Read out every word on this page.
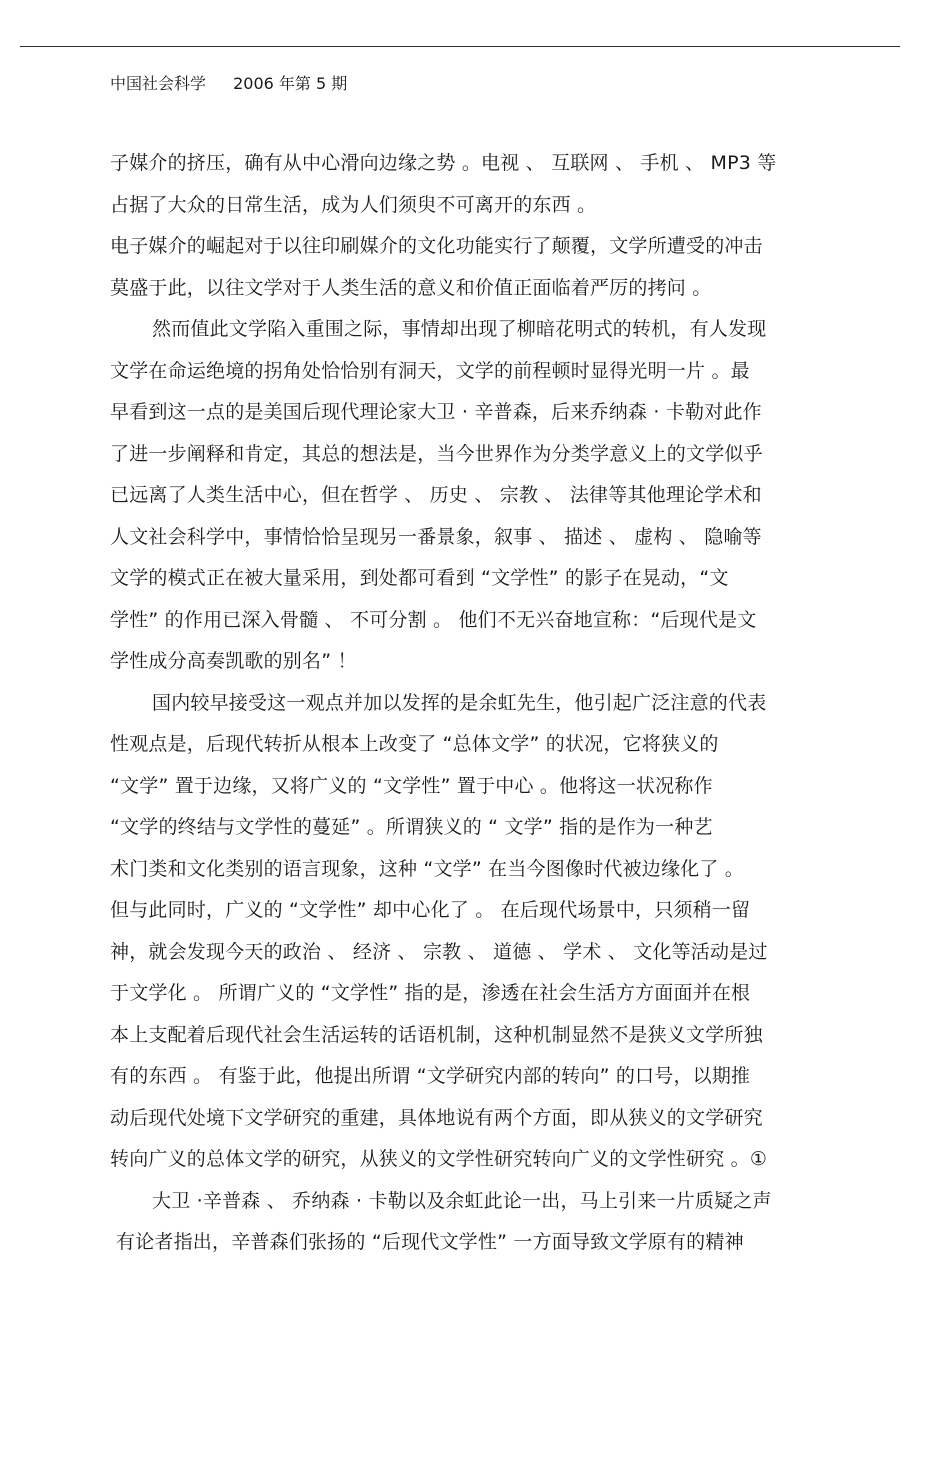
中国社会科学 2006 年第 5 期
子媒介的挤压，确有从中心滑向边缘之势 。电视 、 互联网 、 手机 、 MP3 等
占据了大众的日常生活，成为人们须臾不可离开的东西 。
电子媒介的崛起对于以往印刷媒介的文化功能实行了颠覆，文学所遭受的冲击
莫盛于此，以往文学对于人类生活的意义和价值正面临着严厉的拷问 。
然而值此文学陷入重围之际，事情却出现了柳暗花明式的转机，有人发现
文学在命运绝境的拐角处恰恰别有洞天，文学的前程顿时显得光明一片 。最
早看到这一点的是美国后现代理论家大卫 · 辛普森，后来乔纳森 · 卡勒对此作
了进一步阐释和肯定，其总的想法是，当今世界作为分类学意义上的文学似乎
已远离了人类生活中心，但在哲学 、 历史 、 宗教 、 法律等其他理论学术和
人文社会科学中，事情恰恰呈现另一番景象，叙事 、 描述 、 虚构 、 隐喻等
文学的模式正在被大量采用，到处都可看到 “文学性” 的影子在晃动，“文
学性” 的作用已深入骨髓 、 不可分割 。 他们不无兴奋地宣称：“后现代是文
学性成分高奏凯歌的别名” ！
国内较早接受这一观点并加以发挥的是余虹先生，他引起广泛注意的代表
性观点是，后现代转折从根本上改变了 “总体文学” 的状况，它将狭义的
“文学” 置于边缘，又将广义的 “文学性” 置于中心 。他将这一状况称作
“文学的终结与文学性的蔓延” 。所谓狭义的 “ 文学” 指的是作为一种艺
术门类和文化类别的语言现象，这种 “文学” 在当今图像时代被边缘化了 。
但与此同时，广义的 “文学性” 却中心化了 。 在后现代场景中，只须稍一留
神，就会发现今天的政治 、 经济 、 宗教 、 道德 、 学术 、 文化等活动是过
于文学化 。 所谓广义的 “文学性” 指的是，渗透在社会生活方方面面并在根
本上支配着后现代社会生活运转的话语机制，这种机制显然不是狭义文学所独
有的东西 。 有鉴于此，他提出所谓 “文学研究内部的转向” 的口号，以期推
动后现代处境下文学研究的重建，具体地说有两个方面，即从狭义的文学研究
转向广义的总体文学的研究，从狭义的文学性研究转向广义的文学性研究 。①
大卫 ·辛普森 、 乔纳森 · 卡勒以及余虹此论一出，马上引来一片质疑之声
有论者指出，辛普森们张扬的 “后现代文学性” 一方面导致文学原有的精神
